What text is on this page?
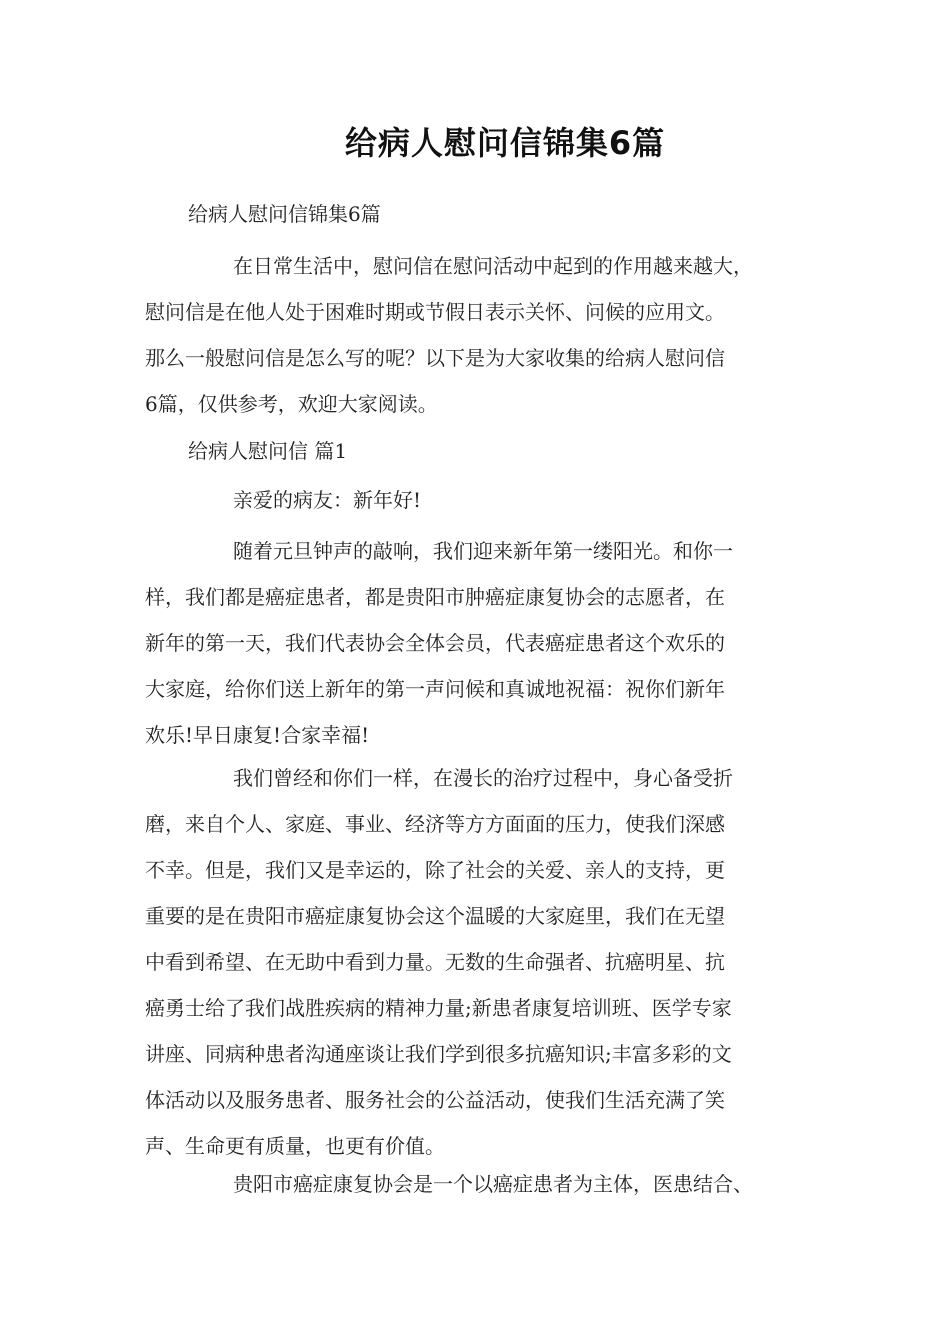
给病人慰问信锦集6篇
给病人慰问信锦集6篇
在日常生活中，慰问信在慰问活动中起到的作用越来越大，
慰问信是在他人处于困难时期或节假日表示关怀、问候的应用文。
那么一般慰问信是怎么写的呢？以下是为大家收集的给病人慰问信
6篇，仅供参考，欢迎大家阅读。
给病人慰问信 篇1
亲爱的病友：新年好!
随着元旦钟声的敲响，我们迎来新年第一缕阳光。和你一
样，我们都是癌症患者，都是贵阳市肿癌症康复协会的志愿者，在
新年的第一天，我们代表协会全体会员，代表癌症患者这个欢乐的
大家庭，给你们送上新年的第一声问候和真诚地祝福：祝你们新年
欢乐!早日康复!合家幸福!
我们曾经和你们一样，在漫长的治疗过程中，身心备受折
磨，来自个人、家庭、事业、经济等方方面面的压力，使我们深感
不幸。但是，我们又是幸运的，除了社会的关爱、亲人的支持，更
重要的是在贵阳市癌症康复协会这个温暖的大家庭里，我们在无望
中看到希望、在无助中看到力量。无数的生命强者、抗癌明星、抗
癌勇士给了我们战胜疾病的精神力量;新患者康复培训班、医学专家
讲座、同病种患者沟通座谈让我们学到很多抗癌知识;丰富多彩的文
体活动以及服务患者、服务社会的公益活动，使我们生活充满了笑
声、生命更有质量，也更有价值。
贵阳市癌症康复协会是一个以癌症患者为主体，医患结合、
